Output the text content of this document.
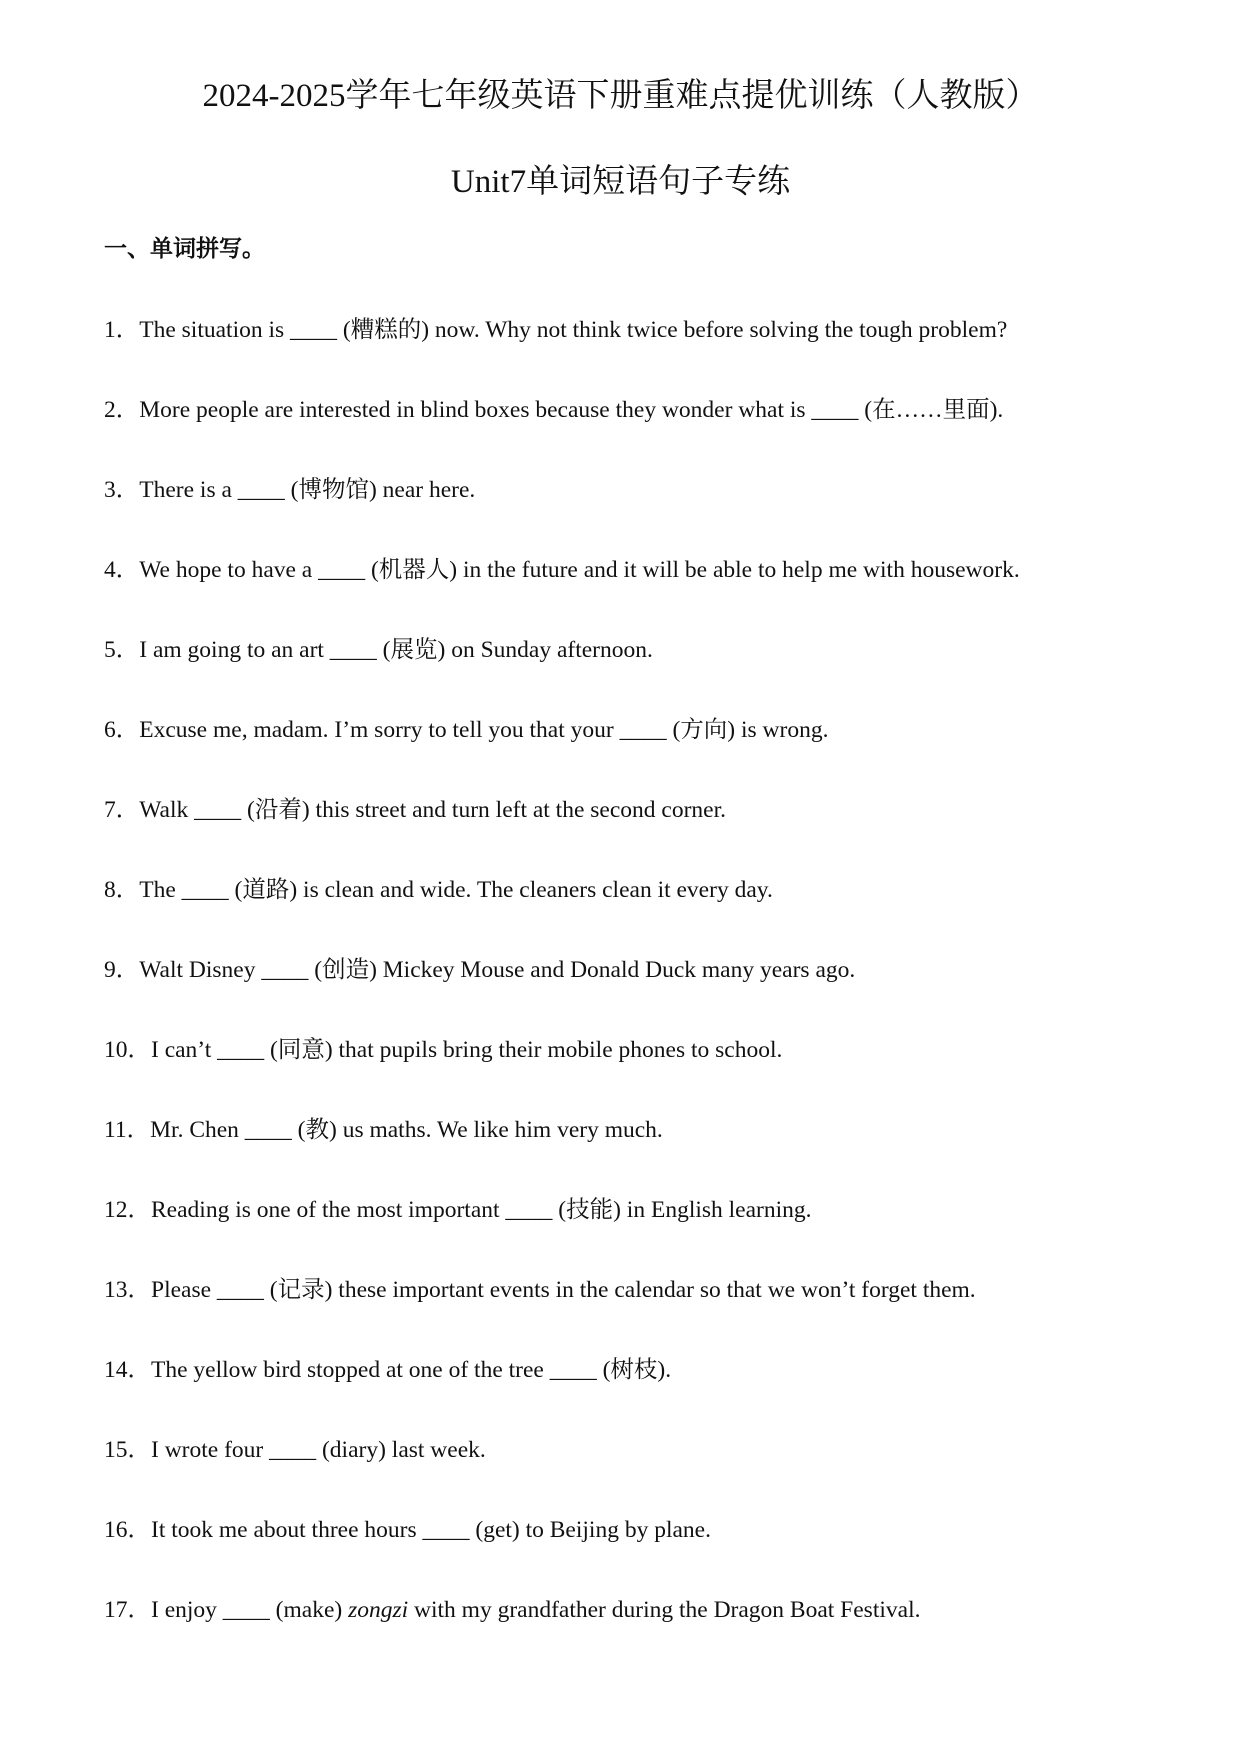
2024-2025学年七年级英语下册重难点提优训练（人教版）
Unit7单词短语句子专练
一、单词拼写。
1． The situation is ____ (糟糕的) now. Why not think twice before solving the tough problem?
2． More people are interested in blind boxes because they wonder what is ____ (在……里面).
3． There is a ____ (博物馆) near here.
4． We hope to have a ____ (机器人) in the future and it will be able to help me with housework.
5． I am going to an art ____ (展览) on Sunday afternoon.
6． Excuse me, madam. I’m sorry to tell you that your ____ (方向) is wrong.
7． Walk ____ (沿着) this street and turn left at the second corner.
8． The ____ (道路) is clean and wide. The cleaners clean it every day.
9． Walt Disney ____ (创造) Mickey Mouse and Donald Duck many years ago.
10． I can’t ____ (同意) that pupils bring their mobile phones to school.
11． Mr. Chen ____ (教) us maths. We like him very much.
12． Reading is one of the most important ____ (技能) in English learning.
13． Please ____ (记录) these important events in the calendar so that we won’t forget them.
14． The yellow bird stopped at one of the tree ____ (树枝).
15． I wrote four ____ (diary) last week.
16． It took me about three hours ____ (get) to Beijing by plane.
17． I enjoy ____ (make) zongzi with my grandfather during the Dragon Boat Festival.
